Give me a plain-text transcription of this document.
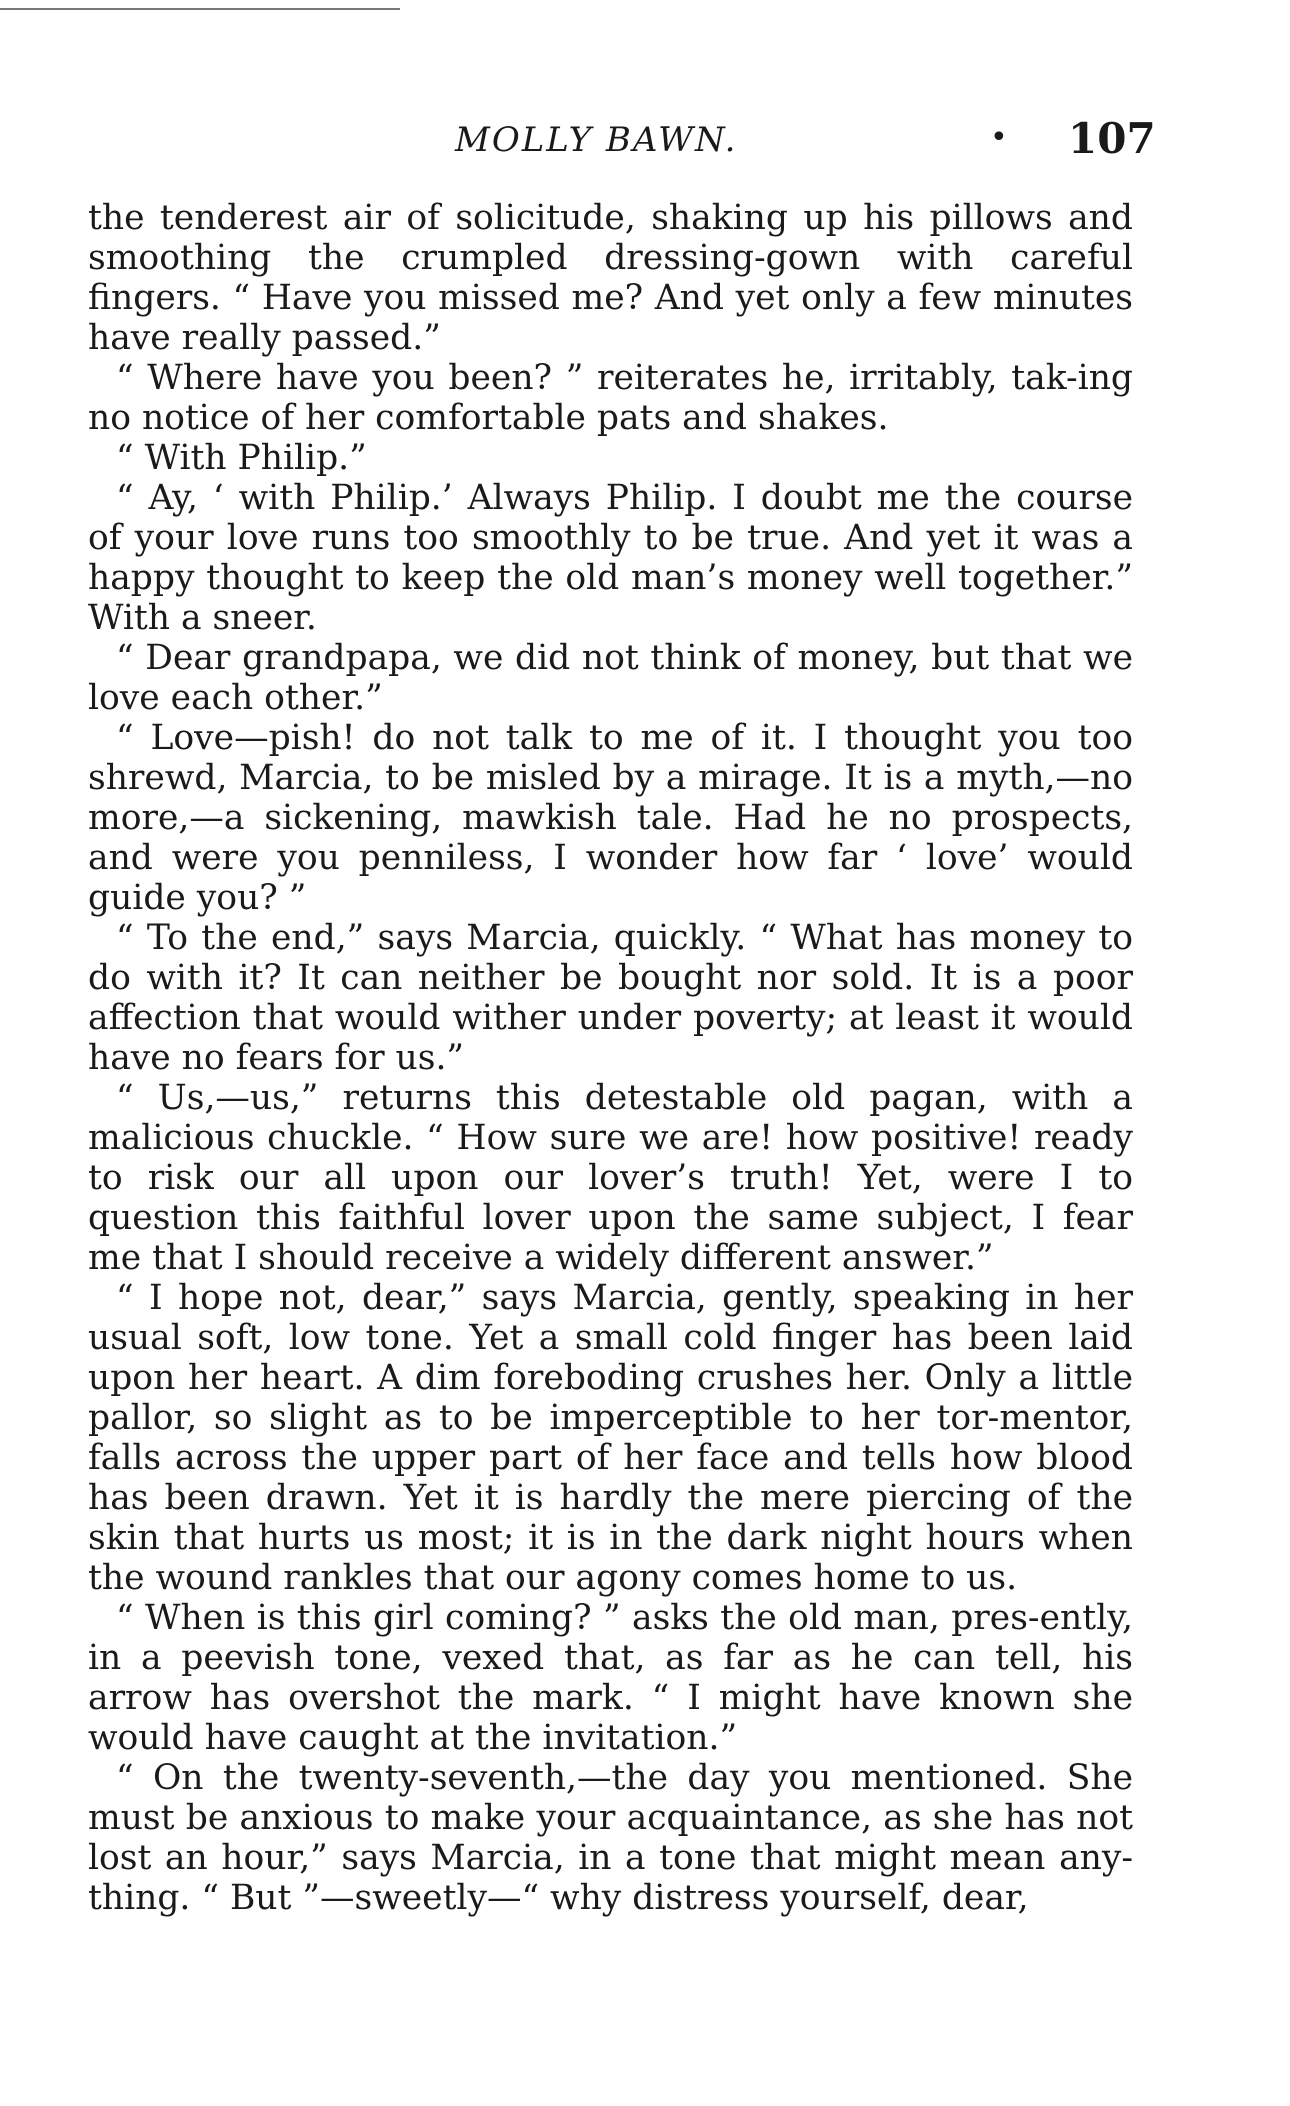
MOLLY BAWN.	• 107

the tenderest air of solicitude, shaking up his pillows and smoothing the crumpled dressing-gown with careful fingers. “ Have you missed me? And yet only a few minutes have really passed.”

“ Where have you been? ” reiterates he, irritably, tak-ing no notice of her comfortable pats and shakes.

“ With Philip.”

“ Ay, ‘ with Philip.’ Always Philip. I doubt me the course of your love runs too smoothly to be true. And yet it was a happy thought to keep the old man’s money well together.” With a sneer.

“ Dear grandpapa, we did not think of money, but that we love each other.”

“ Love—pish! do not talk to me of it. I thought you too shrewd, Marcia, to be misled by a mirage. It is a myth,—no more,—a sickening, mawkish tale. Had he no prospects, and were you penniless, I wonder how far ‘ love’ would guide you? ”

“ To the end,” says Marcia, quickly. “ What has money to do with it? It can neither be bought nor sold. It is a poor affection that would wither under poverty; at least it would have no fears for us.”

“ Us,—us,” returns this detestable old pagan, with a malicious chuckle. “ How sure we are! how positive! ready to risk our all upon our lover’s truth! Yet, were I to question this faithful lover upon the same subject, I fear me that I should receive a widely different answer.”

“ I hope not, dear,” says Marcia, gently, speaking in her usual soft, low tone. Yet a small cold finger has been laid upon her heart. A dim foreboding crushes her. Only a little pallor, so slight as to be imperceptible to her tor-mentor, falls across the upper part of her face and tells how blood has been drawn. Yet it is hardly the mere piercing of the skin that hurts us most; it is in the dark night hours when the wound rankles that our agony comes home to us.

“ When is this girl coming? ” asks the old man, pres-ently, in a peevish tone, vexed that, as far as he can tell, his arrow has overshot the mark. “ I might have known she would have caught at the invitation.”

“ On the twenty-seventh,—the day you mentioned. She must be anxious to make your acquaintance, as she has not lost an hour,” says Marcia, in a tone that might mean any-thing. “ But ”—sweetly—“ why distress yourself, dear,
